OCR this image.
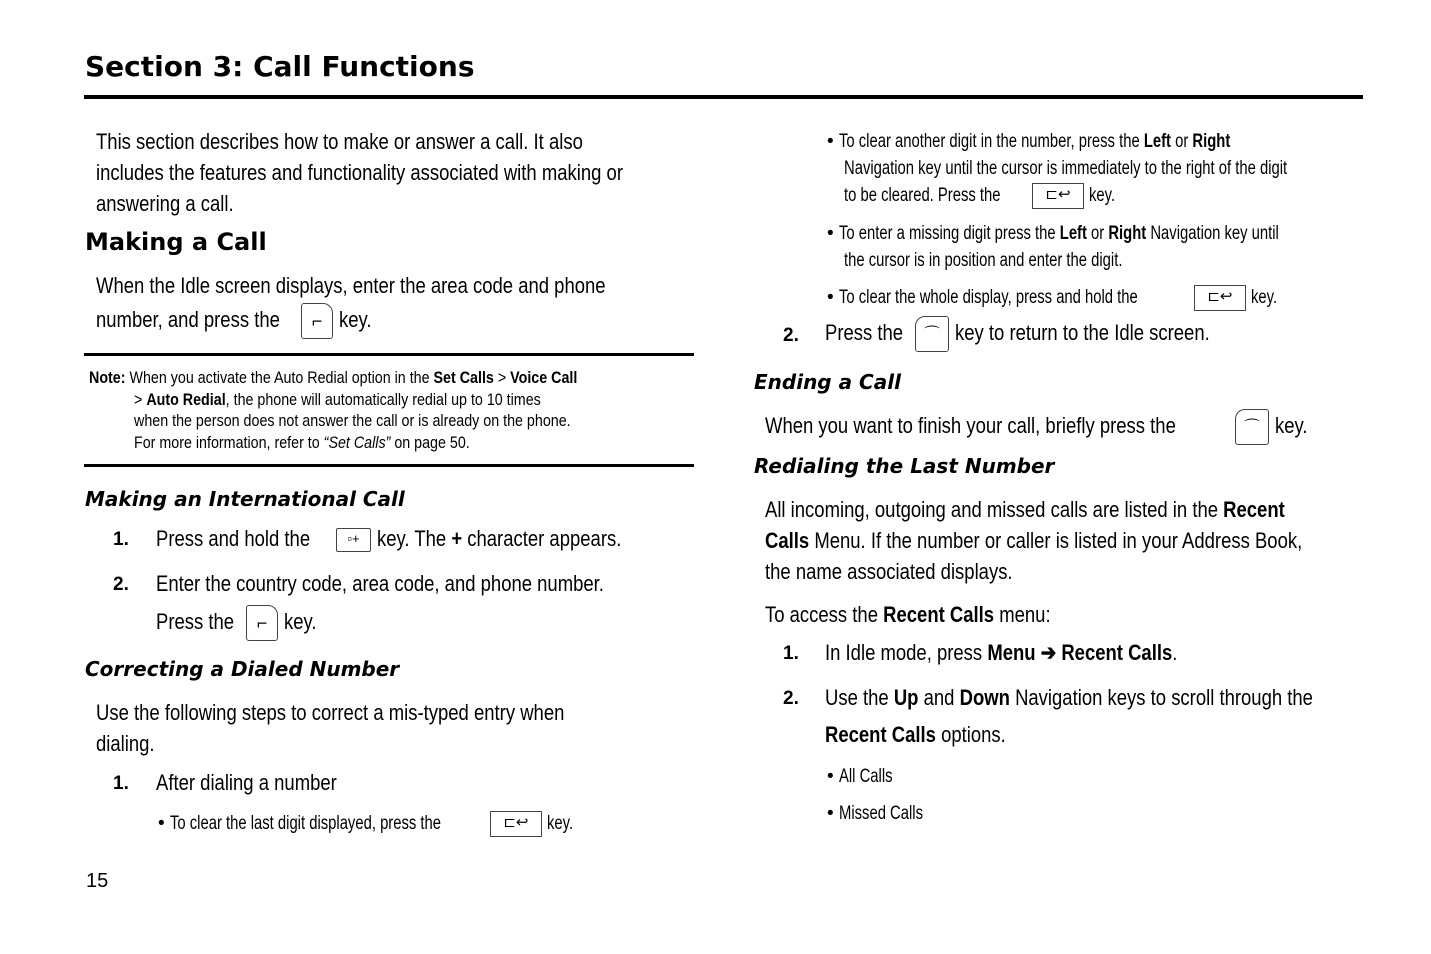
Section 3: Call Functions
This section describes how to make or answer a call. It also
includes the features and functionality associated with making or
answering a call.
Making a Call
When the Idle screen displays, enter the area code and phone
number, and press the ⌐ key.
Note: When you activate the Auto Redial option in the Set Calls > Voice Call
> Auto Redial, the phone will automatically redial up to 10 times
when the person does not answer the call or is already on the phone.
For more information, refer to “Set Calls” on page 50.
Making an International Call
1. Press and hold the	▫+ key. The + character appears.
2. Enter the country code, area code, and phone number.
Press the ⌐ key.
Correcting a Dialed Number
Use the following steps to correct a mis-typed entry when
dialing.
1. After dialing a number
• To clear the last digit displayed, press the	⊏↩ key.
15
• To clear another digit in the number, press the Left or Right
Navigation key until the cursor is immediately to the right of the digit
to be cleared. Press the	⊏↩ key.
• To enter a missing digit press the Left or Right Navigation key until
the cursor is in position and enter the digit.
• To clear the whole display, press and hold the	⊏↩ key.
2. Press the ⌒ key to return to the Idle screen.
Ending a Call
When you want to finish your call, briefly press the	⌒ key.
Redialing the Last Number
All incoming, outgoing and missed calls are listed in the Recent
Calls Menu. If the number or caller is listed in your Address Book,
the name associated displays.
To access the Recent Calls menu:
1. In Idle mode, press Menu ➔ Recent Calls.
2. Use the Up and Down Navigation keys to scroll through the
Recent Calls options.
• All Calls
• Missed Calls
